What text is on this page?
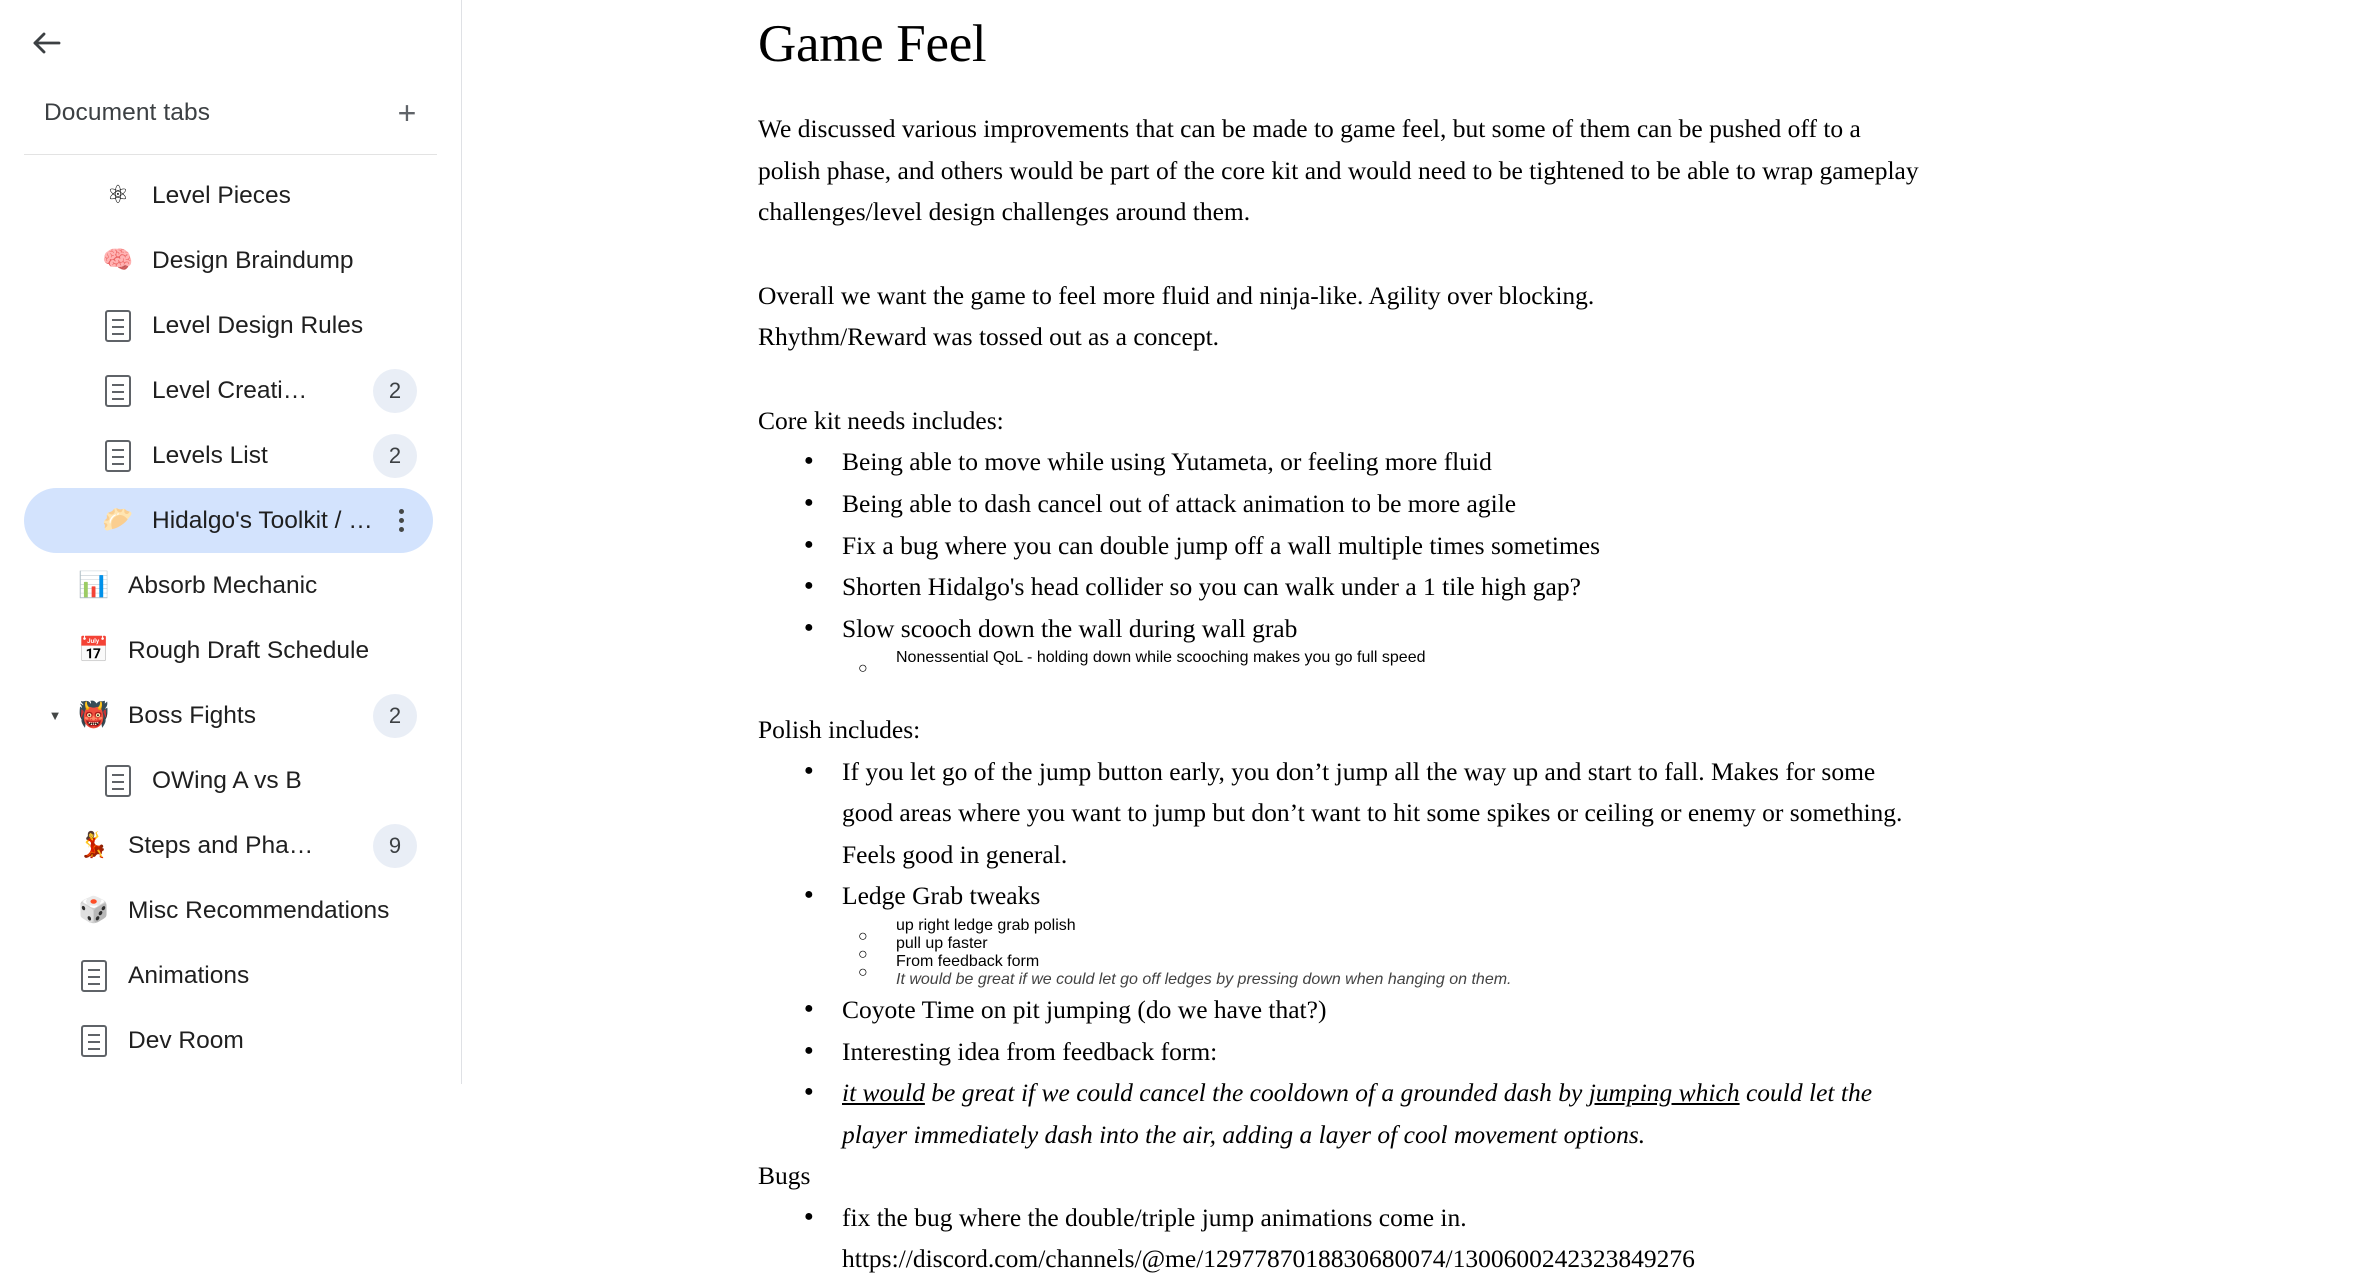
Document tabs	+
⚛ Level Pieces
🧠 Design Braindump
Level Design Rules
Level Creati…	2
Levels List	2
🥟 Hidalgo's Toolkit / …
📊 Absorb Mechanic
📅 Rough Draft Schedule
▼ 👹 Boss Fights	2
OWing A vs B
💃 Steps and Pha…	9
🎲 Misc Recommendations
Animations
Dev Room
Game Feel
We discussed various improvements that can be made to game feel, but some of them can be pushed off to a polish phase, and others would be part of the core kit and would need to be tightened to be able to wrap gameplay challenges/level design challenges around them.
Overall we want the game to feel more fluid and ninja-like. Agility over blocking.
Rhythm/Reward was tossed out as a concept.
Core kit needs includes:
● Being able to move while using Yutameta, or feeling more fluid
● Being able to dash cancel out of attack animation to be more agile
● Fix a bug where you can double jump off a wall multiple times sometimes
● Shorten Hidalgo's head collider so you can walk under a 1 tile high gap?
● Slow scooch down the wall during wall grab
○ Nonessential QoL - holding down while scooching makes you go full speed
Polish includes:
● If you let go of the jump button early, you don’t jump all the way up and start to fall. Makes for some good areas where you want to jump but don’t want to hit some spikes or ceiling or enemy or something. Feels good in general.
● Ledge Grab tweaks
○ up right ledge grab polish
○ pull up faster
○ From feedback form
It would be great if we could let go off ledges by pressing down when hanging on them.
● Coyote Time on pit jumping (do we have that?)
● Interesting idea from feedback form:
● it would be great if we could cancel the cooldown of a grounded dash by jumping which could let the player immediately dash into the air, adding a layer of cool movement options.
Bugs
● fix the bug where the double/triple jump animations come in.
https://discord.com/channels/@me/1297787018830680074/1300600242323849276
